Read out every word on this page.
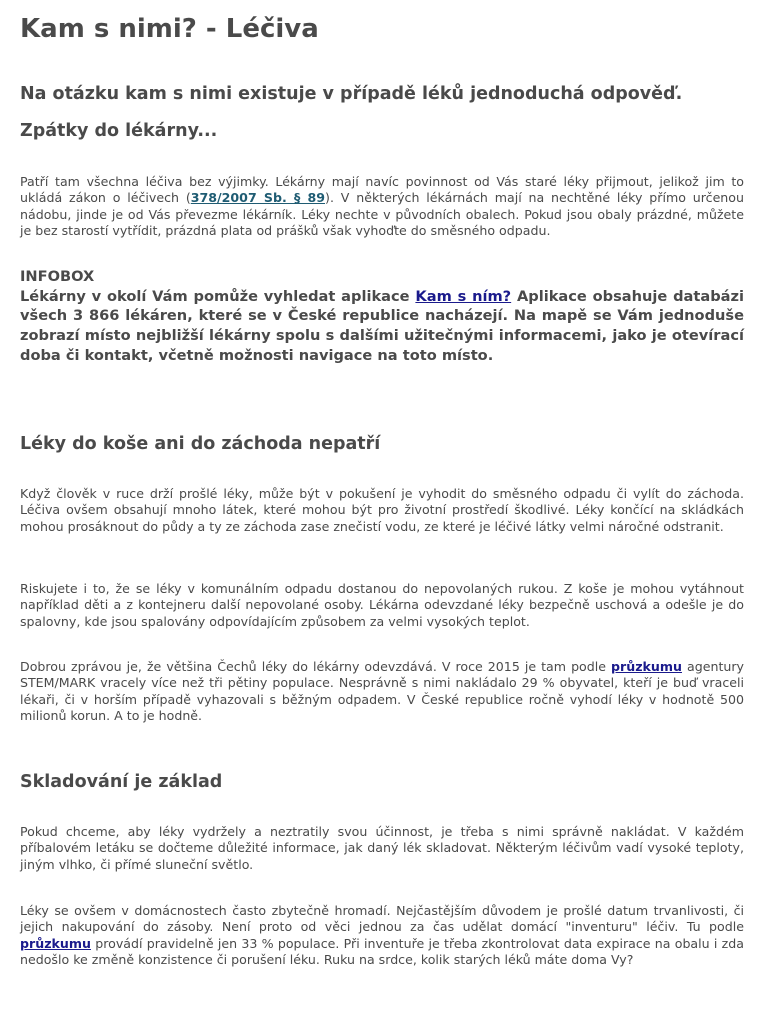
Kam s nimi? - Léčiva
Na otázku kam s nimi existuje v případě léků jednoduchá odpověď.
Zpátky do lékárny...

Patří tam všechna léčiva bez výjimky. Lékárny mají navíc povinnost od Vás staré léky přijmout, jelikož jim to ukládá zákon o léčivech (378/2007 Sb. § 89). V některých lékárnách mají na nechtěné léky přímo určenou nádobu, jinde je od Vás převezme lékárník. Léky nechte v původních obalech. Pokud jsou obaly prázdné, můžete je bez starostí vytřídit, prázdná plata od prášků však vyhoďte do směsného odpadu.

INFOBOX
Lékárny v okolí Vám pomůže vyhledat aplikace Kam s ním? Aplikace obsahuje databázi všech 3 866 lékáren, které se v České republice nacházejí. Na mapě se Vám jednoduše zobrazí místo nejbližší lékárny spolu s dalšími užitečnými informacemi, jako je otevírací doba či kontakt, včetně možnosti navigace na toto místo.
Léky do koše ani do záchoda nepatří

Když člověk v ruce drží prošlé léky, může být v pokušení je vyhodit do směsného odpadu či vylít do záchoda. Léčiva ovšem obsahují mnoho látek, které mohou být pro životní prostředí škodlivé. Léky končící na skládkách mohou prosáknout do půdy a ty ze záchoda zase znečistí vodu, ze které je léčivé látky velmi náročné odstranit.

Riskujete i to, že se léky v komunálním odpadu dostanou do nepovolaných rukou. Z koše je mohou vytáhnout například děti a z kontejneru další nepovolané osoby. Lékárna odevzdané léky bezpečně uschová a odešle je do spalovny, kde jsou spalovány odpovídajícím způsobem za velmi vysokých teplot.

Dobrou zprávou je, že většina Čechů léky do lékárny odevzdává. V roce 2015 je tam podle průzkumu agentury STEM/MARK vracely více než tři pětiny populace. Nesprávně s nimi nakládalo 29 % obyvatel, kteří je buď vraceli lékaři, či v horším případě vyhazovali s běžným odpadem. V České republice ročně vyhodí léky v hodnotě 500 milionů korun. A to je hodně.

Skladování je základ

Pokud chceme, aby léky vydržely a neztratily svou účinnost, je třeba s nimi správně nakládat. V každém příbalovém letáku se dočteme důležité informace, jak daný lék skladovat. Některým léčivům vadí vysoké teploty, jiným vlhko, či přímé sluneční světlo.

Léky se ovšem v domácnostech často zbytečně hromadí. Nejčastějším důvodem je prošlé datum trvanlivosti, či jejich nakupování do zásoby. Není proto od věci jednou za čas udělat domácí "inventuru" léčiv. Tu podle průzkumu provádí pravidelně jen 33 % populace. Při inventuře je třeba zkontrolovat data expirace na obalu i zda nedošlo ke změně konzistence či porušení léku. Ruku na srdce, kolik starých léků máte doma Vy?
